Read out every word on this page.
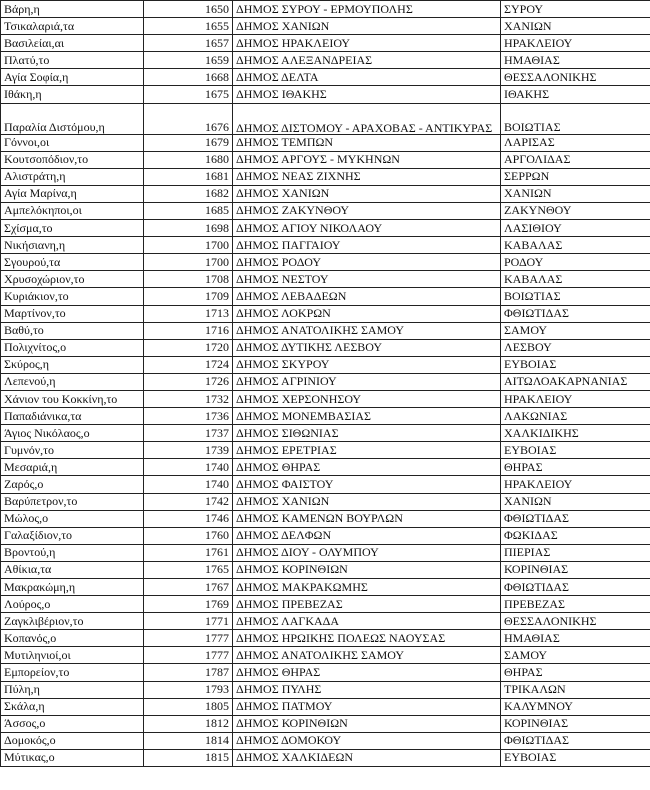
Βάρη,η	1650	ΔΗΜΟΣ ΣΥΡΟΥ - ΕΡΜΟΥΠΟΛΗΣ	ΣΥΡΟΥ
Τσικαλαριά,τα	1655	ΔΗΜΟΣ ΧΑΝΙΩΝ	ΧΑΝΙΩΝ
Βασιλείαι,αι	1657	ΔΗΜΟΣ ΗΡΑΚΛΕΙΟΥ	ΗΡΑΚΛΕΙΟΥ
Πλατύ,το	1659	ΔΗΜΟΣ ΑΛΕΞΑΝΔΡΕΙΑΣ	ΗΜΑΘΙΑΣ
Αγία Σοφία,η	1668	ΔΗΜΟΣ ΔΕΛΤΑ	ΘΕΣΣΑΛΟΝΙΚΗΣ
Ιθάκη,η	1675	ΔΗΜΟΣ ΙΘΑΚΗΣ	ΙΘΑΚΗΣ
Παραλία Διστόμου,η	1676	ΔΗΜΟΣ ΔΙΣΤΟΜΟΥ - ΑΡΑΧΟΒΑΣ - ΑΝΤΙΚΥΡΑΣ	ΒΟΙΩΤΙΑΣ
Γόννοι,οι	1679	ΔΗΜΟΣ ΤΕΜΠΩΝ	ΛΑΡΙΣΑΣ
Κουτσοπόδιον,το	1680	ΔΗΜΟΣ ΑΡΓΟΥΣ - ΜΥΚΗΝΩΝ	ΑΡΓΟΛΙΔΑΣ
Αλιστράτη,η	1681	ΔΗΜΟΣ ΝΕΑΣ ΖΙΧΝΗΣ	ΣΕΡΡΩΝ
Αγία Μαρίνα,η	1682	ΔΗΜΟΣ ΧΑΝΙΩΝ	ΧΑΝΙΩΝ
Αμπελόκηποι,οι	1685	ΔΗΜΟΣ ΖΑΚΥΝΘΟΥ	ΖΑΚΥΝΘΟΥ
Σχίσμα,το	1698	ΔΗΜΟΣ ΑΓΙΟΥ ΝΙΚΟΛΑΟΥ	ΛΑΣΙΘΙΟΥ
Νικήσιανη,η	1700	ΔΗΜΟΣ ΠΑΓΓΑΙΟΥ	ΚΑΒΑΛΑΣ
Σγουρού,τα	1700	ΔΗΜΟΣ ΡΟΔΟΥ	ΡΟΔΟΥ
Χρυσοχώριον,το	1708	ΔΗΜΟΣ ΝΕΣΤΟΥ	ΚΑΒΑΛΑΣ
Κυριάκιον,το	1709	ΔΗΜΟΣ ΛΕΒΑΔΕΩΝ	ΒΟΙΩΤΙΑΣ
Μαρτίνον,το	1713	ΔΗΜΟΣ ΛΟΚΡΩΝ	ΦΘΙΩΤΙΔΑΣ
Βαθύ,το	1716	ΔΗΜΟΣ ΑΝΑΤΟΛΙΚΗΣ ΣΑΜΟΥ	ΣΑΜΟΥ
Πολιχνίτος,ο	1720	ΔΗΜΟΣ ΔΥΤΙΚΗΣ ΛΕΣΒΟΥ	ΛΕΣΒΟΥ
Σκύρος,η	1724	ΔΗΜΟΣ ΣΚΥΡΟΥ	ΕΥΒΟΙΑΣ
Λεπενού,η	1726	ΔΗΜΟΣ ΑΓΡΙΝΙΟΥ	ΑΙΤΩΛΟΑΚΑΡΝΑΝΙΑΣ
Χάνιον του Κοκκίνη,το	1732	ΔΗΜΟΣ ΧΕΡΣΟΝΗΣΟΥ	ΗΡΑΚΛΕΙΟΥ
Παπαδιάνικα,τα	1736	ΔΗΜΟΣ ΜΟΝΕΜΒΑΣΙΑΣ	ΛΑΚΩΝΙΑΣ
Άγιος Νικόλαος,ο	1737	ΔΗΜΟΣ ΣΙΘΩΝΙΑΣ	ΧΑΛΚΙΔΙΚΗΣ
Γυμνόν,το	1739	ΔΗΜΟΣ ΕΡΕΤΡΙΑΣ	ΕΥΒΟΙΑΣ
Μεσαριά,η	1740	ΔΗΜΟΣ ΘΗΡΑΣ	ΘΗΡΑΣ
Ζαρός,ο	1740	ΔΗΜΟΣ ΦΑΙΣΤΟΥ	ΗΡΑΚΛΕΙΟΥ
Βαρύπετρον,το	1742	ΔΗΜΟΣ ΧΑΝΙΩΝ	ΧΑΝΙΩΝ
Μώλος,ο	1746	ΔΗΜΟΣ ΚΑΜΕΝΩΝ ΒΟΥΡΛΩΝ	ΦΘΙΩΤΙΔΑΣ
Γαλαξίδιον,το	1760	ΔΗΜΟΣ ΔΕΛΦΩΝ	ΦΩΚΙΔΑΣ
Βροντού,η	1761	ΔΗΜΟΣ ΔΙΟΥ - ΟΛΥΜΠΟΥ	ΠΙΕΡΙΑΣ
Αθίκια,τα	1765	ΔΗΜΟΣ ΚΟΡΙΝΘΙΩΝ	ΚΟΡΙΝΘΙΑΣ
Μακρακώμη,η	1767	ΔΗΜΟΣ ΜΑΚΡΑΚΩΜΗΣ	ΦΘΙΩΤΙΔΑΣ
Λούρος,ο	1769	ΔΗΜΟΣ ΠΡΕΒΕΖΑΣ	ΠΡΕΒΕΖΑΣ
Ζαγκλιβέριον,το	1771	ΔΗΜΟΣ ΛΑΓΚΑΔΑ	ΘΕΣΣΑΛΟΝΙΚΗΣ
Κοπανός,ο	1777	ΔΗΜΟΣ ΗΡΩΙΚΗΣ ΠΟΛΕΩΣ ΝΑΟΥΣΑΣ	ΗΜΑΘΙΑΣ
Μυτιληνιοί,οι	1777	ΔΗΜΟΣ ΑΝΑΤΟΛΙΚΗΣ ΣΑΜΟΥ	ΣΑΜΟΥ
Εμπορείον,το	1787	ΔΗΜΟΣ ΘΗΡΑΣ	ΘΗΡΑΣ
Πύλη,η	1793	ΔΗΜΟΣ ΠΥΛΗΣ	ΤΡΙΚΑΛΩΝ
Σκάλα,η	1805	ΔΗΜΟΣ ΠΑΤΜΟΥ	ΚΑΛΥΜΝΟΥ
Άσσος,ο	1812	ΔΗΜΟΣ ΚΟΡΙΝΘΙΩΝ	ΚΟΡΙΝΘΙΑΣ
Δομοκός,ο	1814	ΔΗΜΟΣ ΔΟΜΟΚΟΥ	ΦΘΙΩΤΙΔΑΣ
Μύτικας,ο	1815	ΔΗΜΟΣ ΧΑΛΚΙΔΕΩΝ	ΕΥΒΟΙΑΣ
